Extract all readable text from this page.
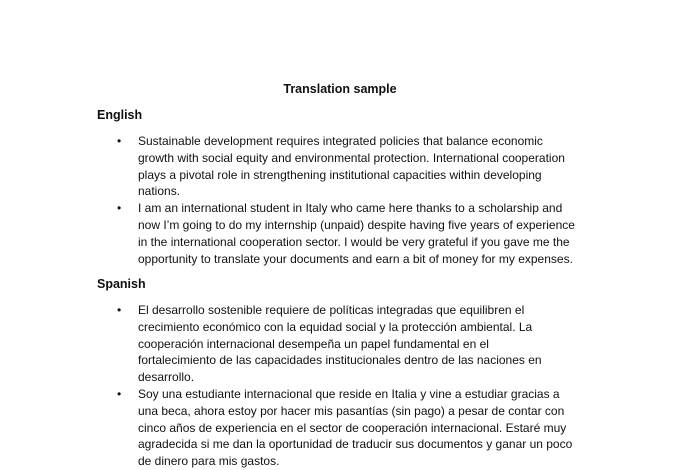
Translation sample
English
• Sustainable development requires integrated policies that balance economic
growth with social equity and environmental protection. International cooperation
plays a pivotal role in strengthening institutional capacities within developing
nations.
• I am an international student in Italy who came here thanks to a scholarship and
now I’m going to do my internship (unpaid) despite having five years of experience
in the international cooperation sector. I would be very grateful if you gave me the
opportunity to translate your documents and earn a bit of money for my expenses.
Spanish
• El desarrollo sostenible requiere de políticas integradas que equilibren el
crecimiento económico con la equidad social y la protección ambiental. La
cooperación internacional desempeña un papel fundamental en el
fortalecimiento de las capacidades institucionales dentro de las naciones en
desarrollo.
• Soy una estudiante internacional que reside en Italia y vine a estudiar gracias a
una beca, ahora estoy por hacer mis pasantías (sin pago) a pesar de contar con
cinco años de experiencia en el sector de cooperación internacional. Estaré muy
agradecida si me dan la oportunidad de traducir sus documentos y ganar un poco
de dinero para mis gastos.
